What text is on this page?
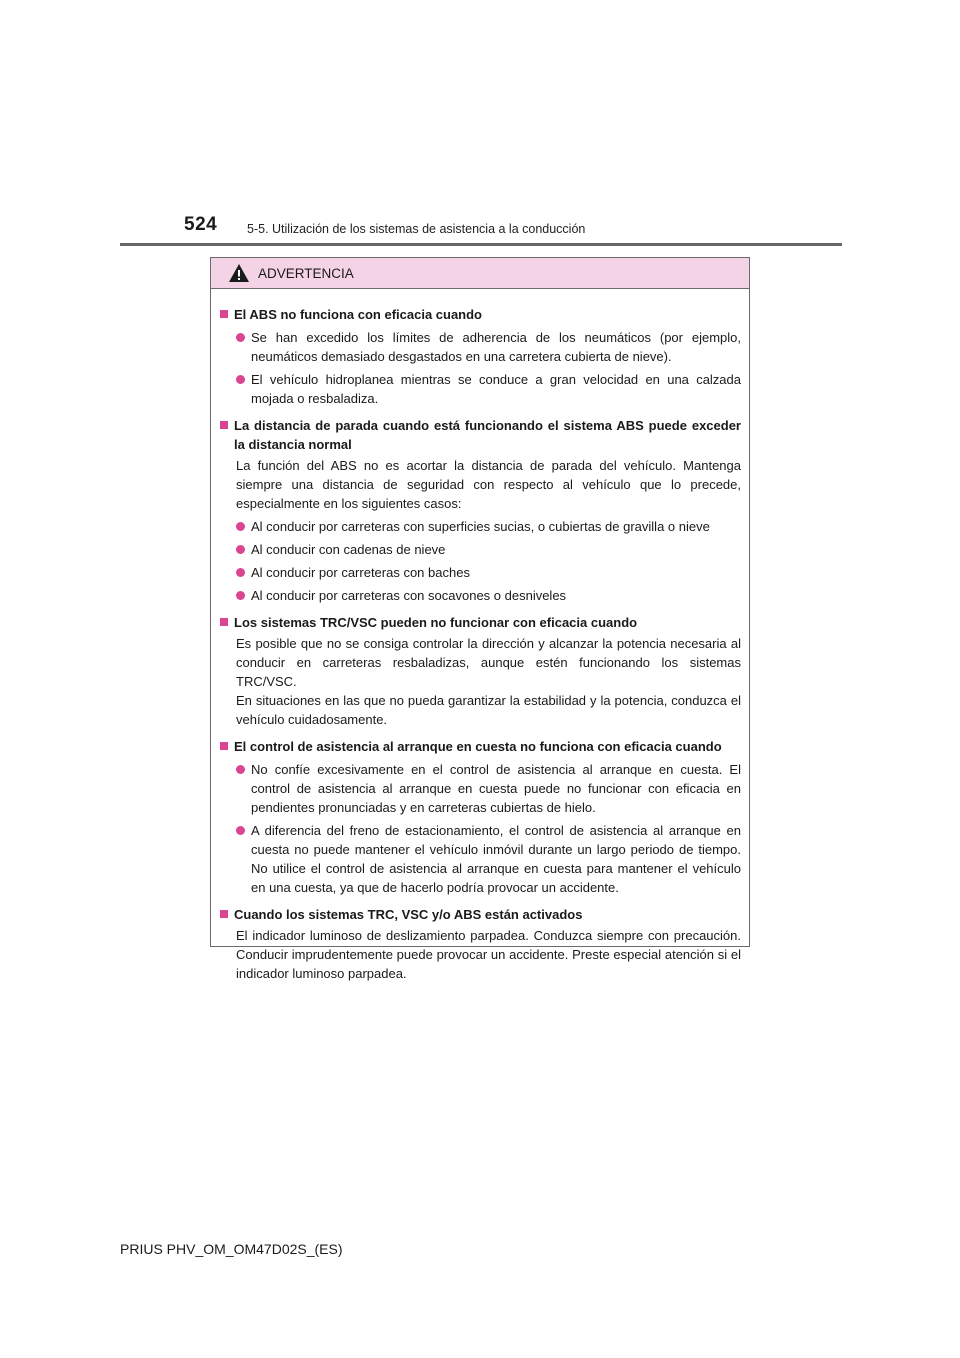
524 5-5. Utilización de los sistemas de asistencia a la conducción
ADVERTENCIA
El ABS no funciona con eficacia cuando
Se han excedido los límites de adherencia de los neumáticos (por ejemplo, neumáticos demasiado desgastados en una carretera cubierta de nieve).
El vehículo hidroplanea mientras se conduce a gran velocidad en una calzada mojada o resbaladiza.
La distancia de parada cuando está funcionando el sistema ABS puede exceder la distancia normal
La función del ABS no es acortar la distancia de parada del vehículo. Mantenga siempre una distancia de seguridad con respecto al vehículo que lo precede, especialmente en los siguientes casos:
Al conducir por carreteras con superficies sucias, o cubiertas de gravilla o nieve
Al conducir con cadenas de nieve
Al conducir por carreteras con baches
Al conducir por carreteras con socavones o desniveles
Los sistemas TRC/VSC pueden no funcionar con eficacia cuando
Es posible que no se consiga controlar la dirección y alcanzar la potencia necesaria al conducir en carreteras resbaladizas, aunque estén funcionando los sistemas TRC/VSC.
En situaciones en las que no pueda garantizar la estabilidad y la potencia, conduzca el vehículo cuidadosamente.
El control de asistencia al arranque en cuesta no funciona con eficacia cuando
No confíe excesivamente en el control de asistencia al arranque en cuesta. El control de asistencia al arranque en cuesta puede no funcionar con eficacia en pendientes pronunciadas y en carreteras cubiertas de hielo.
A diferencia del freno de estacionamiento, el control de asistencia al arranque en cuesta no puede mantener el vehículo inmóvil durante un largo periodo de tiempo. No utilice el control de asistencia al arranque en cuesta para mantener el vehículo en una cuesta, ya que de hacerlo podría provocar un accidente.
Cuando los sistemas TRC, VSC y/o ABS están activados
El indicador luminoso de deslizamiento parpadea. Conduzca siempre con precaución. Conducir imprudentemente puede provocar un accidente. Preste especial atención si el indicador luminoso parpadea.
PRIUS PHV_OM_OM47D02S_(ES)
